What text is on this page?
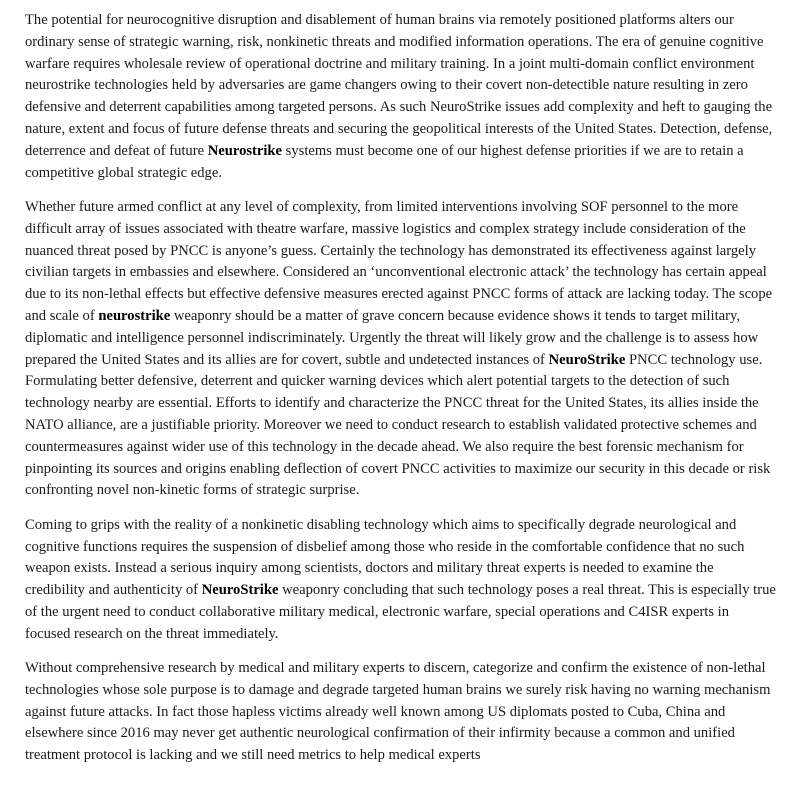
The potential for neurocognitive disruption and disablement of human brains via remotely positioned platforms alters our ordinary sense of strategic warning, risk, nonkinetic threats and modified information operations. The era of genuine cognitive warfare requires wholesale review of operational doctrine and military training. In a joint multi-domain conflict environment neurostrike technologies held by adversaries are game changers owing to their covert non-detectible nature resulting in zero defensive and deterrent capabilities among targeted persons. As such NeuroStrike issues add complexity and heft to gauging the nature, extent and focus of future defense threats and securing the geopolitical interests of the United States. Detection, defense, deterrence and defeat of future Neurostrike systems must become one of our highest defense priorities if we are to retain a competitive global strategic edge.

Whether future armed conflict at any level of complexity, from limited interventions involving SOF personnel to the more difficult array of issues associated with theatre warfare, massive logistics and complex strategy include consideration of the nuanced threat posed by PNCC is anyone’s guess. Certainly the technology has demonstrated its effectiveness against largely civilian targets in embassies and elsewhere. Considered an ‘unconventional electronic attack’ the technology has certain appeal due to its non-lethal effects but effective defensive measures erected against PNCC forms of attack are lacking today. The scope and scale of neurostrike weaponry should be a matter of grave concern because evidence shows it tends to target military, diplomatic and intelligence personnel indiscriminately. Urgently the threat will likely grow and the challenge is to assess how prepared the United States and its allies are for covert, subtle and undetected instances of NeuroStrike PNCC technology use. Formulating better defensive, deterrent and quicker warning devices which alert potential targets to the detection of such technology nearby are essential. Efforts to identify and characterize the PNCC threat for the United States, its allies inside the NATO alliance, are a justifiable priority. Moreover we need to conduct research to establish validated protective schemes and countermeasures against wider use of this technology in the decade ahead. We also require the best forensic mechanism for pinpointing its sources and origins enabling deflection of covert PNCC activities to maximize our security in this decade or risk confronting novel non-kinetic forms of strategic surprise.

Coming to grips with the reality of a nonkinetic disabling technology which aims to specifically degrade neurological and cognitive functions requires the suspension of disbelief among those who reside in the comfortable confidence that no such weapon exists. Instead a serious inquiry among scientists, doctors and military threat experts is needed to examine the credibility and authenticity of NeuroStrike weaponry concluding that such technology poses a real threat. This is especially true of the urgent need to conduct collaborative military medical, electronic warfare, special operations and C4ISR experts in focused research on the threat immediately.

Without comprehensive research by medical and military experts to discern, categorize and confirm the existence of non-lethal technologies whose sole purpose is to damage and degrade targeted human brains we surely risk having no warning mechanism against future attacks. In fact those hapless victims already well known among US diplomats posted to Cuba, China and elsewhere since 2016 may never get authentic neurological confirmation of their infirmity because a common and unified treatment protocol is lacking and we still need metrics to help medical experts
